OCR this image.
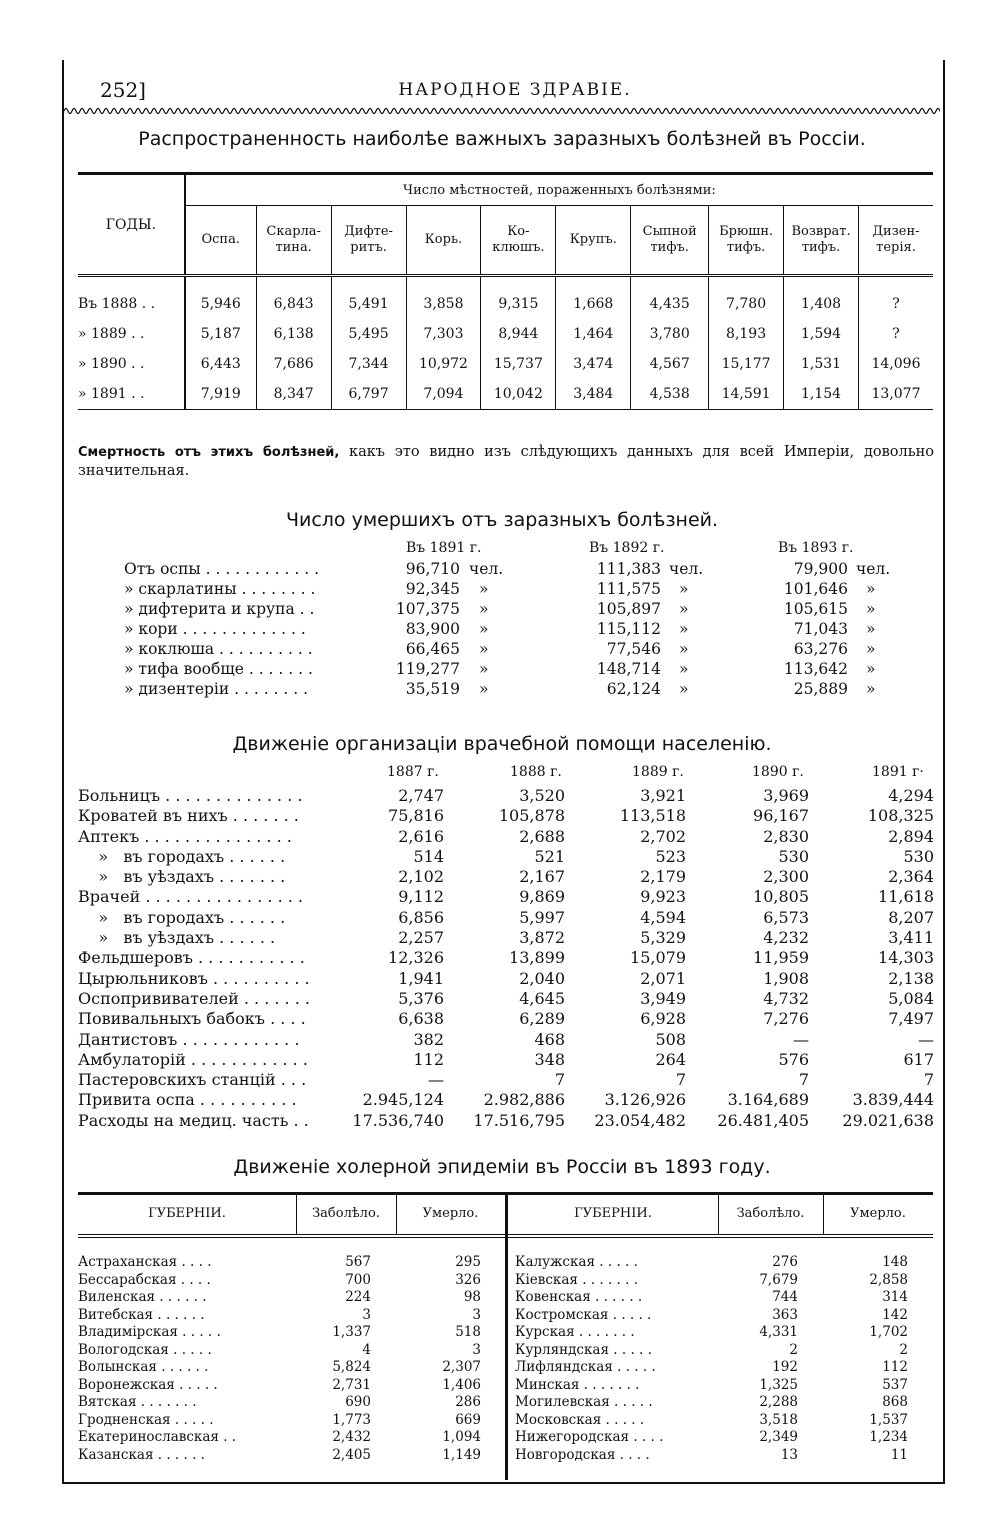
НАРОДНОЕ ЗДРАВIЕ.
252]
Распространенность наиболѣе важныхъ заразныхъ болѣзней въ Россiи.
ГОДЫ.	Число мѣстностей, пораженныхъ болѣзнями:									
	Оспа.	Скарла-
тина.	Дифте-
ритъ.	Корь.	Ко-
клюшъ.	Крупъ.	Сыпной
тифъ.	Брюшн.
тифъ.	Возврат.
тифъ.	Дизен-
терiя.

Въ 1888 . .	5,946	6,843	5,491	3,858	9,315	1,668	4,435	7,780	1,408	?
» 1889 . .	5,187	6,138	5,495	7,303	8,944	1,464	3,780	8,193	1,594	?
» 1890 . .	6,443	7,686	7,344	10,972	15,737	3,474	4,567	15,177	1,531	14,096
» 1891 . .	7,919	8,347	6,797	7,094	10,042	3,484	4,538	14,591	1,154	13,077
Смертность отъ этихъ болѣзней, какъ это видно изъ слѣдующихъ данныхъ для всей Имперiи, довольно значительная.
Число умершихъ отъ заразныхъ болѣзней.
Въ 1891 г.	Въ 1892 г.	Въ 1893 г.
Отъ оспы . . . . . . . . . . . .	96,710 чел.	111,383 чел.	79,900 чел.
» скарлатины . . . . . . . .	92,345 »	111,575 »	101,646 »
» дифтерита и крупа . .	107,375 »	105,897 »	105,615 »
» кори . . . . . . . . . . . . .	83,900 »	115,112 »	71,043 »
» коклюша . . . . . . . . . .	66,465 »	77,546 »	63,276 »
» тифа вообще . . . . . . .	119,277 »	148,714 »	113,642 »
» дизентерiи . . . . . . . .	35,519 »	62,124 »	25,889 »
Движенiе организацiи врачебной помощи населенiю.
1887 г.	1888 г.	1889 г.	1890 г.	1891 г·
Больницъ . . . . . . . . . . . . . .	2,747	3,520	3,921	3,969	4,294
Кроватей въ нихъ . . . . . . .	75,816	105,878	113,518	96,167	108,325
Аптекъ . . . . . . . . . . . . . . .	2,616	2,688	2,702	2,830	2,894
»   въ городахъ . . . . . .	514	521	523	530	530
»   въ уѣздахъ . . . . . . .	2,102	2,167	2,179	2,300	2,364
Врачей . . . . . . . . . . . . . . . .	9,112	9,869	9,923	10,805	11,618
»   въ городахъ . . . . . .	6,856	5,997	4,594	6,573	8,207
»   въ уѣздахъ . . . . . .	2,257	3,872	5,329	4,232	3,411
Фельдшеровъ . . . . . . . . . . .	12,326	13,899	15,079	11,959	14,303
Цырюльниковъ . . . . . . . . . .	1,941	2,040	2,071	1,908	2,138
Оспопрививателей . . . . . . .	5,376	4,645	3,949	4,732	5,084
Повивальныхъ бабокъ . . . .	6,638	6,289	6,928	7,276	7,497
Дантистовъ . . . . . . . . . . . .	382	468	508	—	—
Амбулаторiй . . . . . . . . . . . .	112	348	264	576	617
Пастеровскихъ станцiй . . .	—	7	7	7	7
Привита оспа . . . . . . . . . .	2.945,124 2.982,886 3.126,926	3.164,689	3.839,444
Расходы на медиц. часть . .	17.536,740 17.516,795 23.054,482 26.481,405 29.021,638
Движенiе холерной эпидемiи въ Россiи въ 1893 году.
ГУБЕРНIИ.	Заболѣло.	Умерло.	ГУБЕРНIИ.	Заболѣло.	Умерло.
Астраханская . . . .	567	295
Бессарабская . . . .	700	326
Виленская . . . . . .	224	98
Витебская . . . . . .	3	3
Владимiрская . . . . .	1,337	518
Вологодская . . . . .	4	3
Волынская . . . . . .	5,824	2,307
Воронежская . . . . .	2,731	1,406
Вятская . . . . . . .	690	286
Гродненская . . . . .	1,773	669
Екатеринославская . .	2,432	1,094
Казанская . . . . . .	2,405	1,149
Калужская . . . . .	276	148
Кiевская . . . . . . .	7,679	2,858
Ковенская . . . . . .	744	314
Костромская . . . . .	363	142
Курская . . . . . . .	4,331	1,702
Курляндская . . . . .	2	2
Лифляндская . . . . .	192	112
Минская . . . . . . .	1,325	537
Могилевская . . . . .	2,288	868
Московская . . . . .	3,518	1,537
Нижегородская . . . .	2,349	1,234
Новгородская . . . .	13	11
